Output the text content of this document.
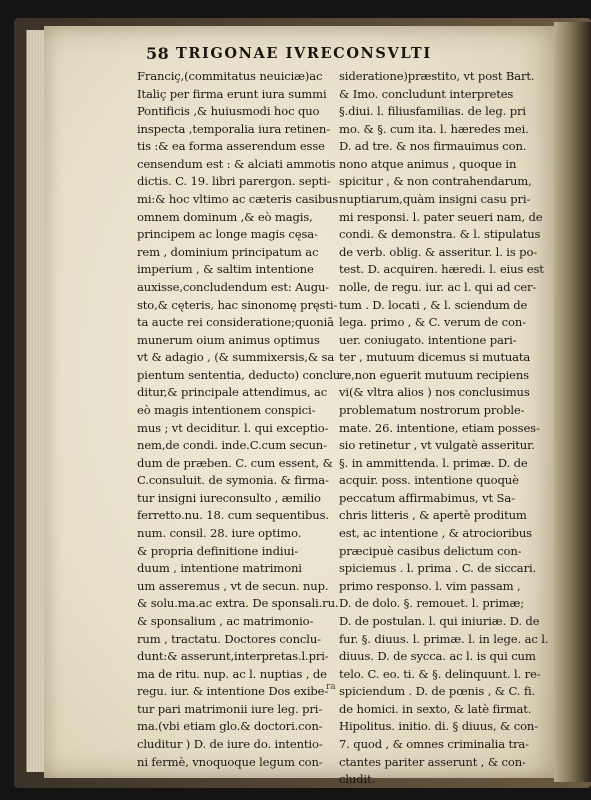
58 TRIGONAE IVRECONSVLTI
Franciç,(commitatus neuiciæ)ac
Italiç per firma erunt iura summi
Pontificis ,& huiusmodi hoc quo
inspecta ,temporalia iura retinen-
tis :& ea forma asserendum esse
censendum est : & alciati ammotis
dictis. C. 19. libri parergon. septi-
mi:& hoc vltimo ac cæteris casibus
omnem dominum ,& eò magis,
principem ac longe magis cęsa-
rem , dominium principatum ac
imperium , & saltim intentione
auxisse,concludendum est: Augu-
sto,& cęteris, hac sinonomę pręsti-
ta aucte rei consideratione;quoniā
munerum oium animus optimus
vt & adagio , (& summixersis,& sa
pientum sententia, deducto) conclu
ditur,& principale attendimus, ac
eò magis intentionem conspici-
mus ; vt deciditur. l. qui exceptio-
nem,de condi. inde.C.cum secun-
dum de præben. C. cum essent, &
C.consuluit. de symonia. & firma-
tur insigni iureconsulto , æmilio
ferretto.nu. 18. cum sequentibus.
num. consil. 28. iure optimo.
& propria definitione indiui-
duum , intentione matrimoni
um asseremus , vt de secun. nup.
& solu.ma.ac extra. De sponsali.ru.
& sponsalium , ac matrimonio-
rum , tractatu. Doctores conclu-
dunt:& asserunt,interpretas.l.pri-
ma de ritu. nup. ac l. nuptias , de
regu. iur. & intentione Dos exibe-
tur pari matrimonii iure leg. pri-
ma.(vbi etiam glo.& doctori.con-
cluditur ) D. de iure do. intentio-
ni fermè, vnoquoque legum con-
sideratione)præstito, vt post Bart.
& Imo. concludunt interpretes
§.diui. l. filiusfamilias. de leg. pri
mo. & §. cum ita. l. hæredes mei.
D. ad tre. & nos firmauimus con.
nono atque animus , quoque in
spicitur , & non contrahendarum,
nuptiarum,quàm insigni casu pri-
mi responsi. l. pater seueri nam, de
condi. & demonstra. & l. stipulatus
de verb. oblig. & asseritur. l. is po-
test. D. acquiren. hæredi. l. eius est
nolle, de regu. iur. ac l. qui ad cer-
tum . D. locati , & l. sciendum de
lega. primo , & C. verum de con-
uer. coniugato. intentione pari-
ter , mutuum dicemus si mutuata
re,non eguerit mutuum recipiens
vi(& vltra alios ) nos conclusimus
problematum nostrorum proble-
mate. 26. intentione, etiam posses-
sio retinetur , vt vulgatè asseritur.
§. in ammittenda. l. primæ. D. de
acquir. poss. intentione quoquè
peccatum affirmabimus, vt Sa-
chris litteris , & apertè proditum
est, ac intentione , & atrocioribus
præcipuè casibus delictum con-
spiciemus . l. prima . C. de siccari.
primo responso. l. vim passam ,
D. de dolo. §. remouet. l. primæ;
D. de postulan. l. qui iniuriæ. D. de
fur. §. diuus. l. primæ. l. in lege. ac l.
diuus. D. de sycca. ac l. is qui cum
telo. C. eo. ti. & §. delinquunt. l. re-
spiciendum . D. de pœnis , & C. fi.
de homici. in sexto, & latè firmat.
Hipolitus. initio. di. § diuus, & con-
7. quod , & omnes criminalia tra-
ctantes pariter asserunt , & con-
cludit.
ra
